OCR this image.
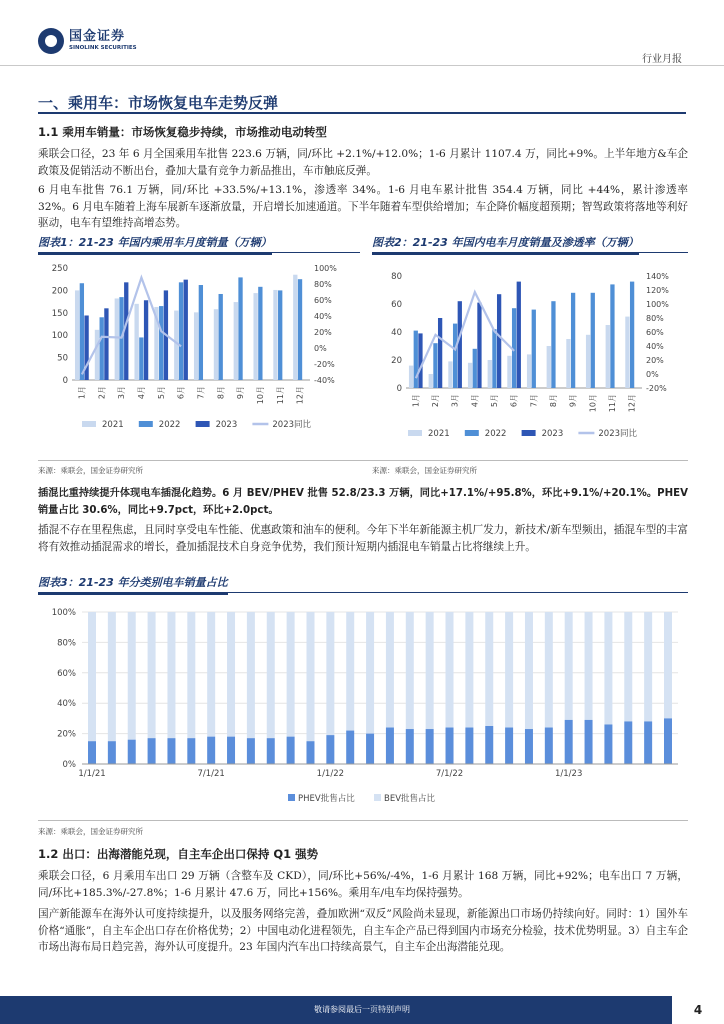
国金证券
SINOLINK SECURITIES
行业月报
一、乘用车：市场恢复电车走势反弹
1.1 乘用车销量：市场恢复稳步持续，市场推动电动转型
乘联会口径，23 年 6 月全国乘用车批售 223.6 万辆，同/环比 +2.1%/+12.0%；1-6 月累计 1107.4 万，同比+9%。上半年地方&车企政策及促销活动不断出台，叠加大量有竞争力新品推出，车市触底反弹。
6 月电车批售 76.1 万辆，同/环比 +33.5%/+13.1%，渗透率 34%。1-6 月电车累计批售 354.4 万辆，同比 +44%，累计渗透率 32%。6 月电车随着上海车展新车逐渐放量，开启增长加速通道。下半年随着车型供给增加；车企降价幅度超预期；智驾政策将落地等利好驱动，电车有望维持高增态势。
图表1：21-23 年国内乘用车月度销量（万辆）	图表2：21-23 年国内电车月度销量及渗透率（万辆）
0
50
100
150
200
250	100%
80%
60%
40%
20%
0%
-20%
-40%
1月 2月 3月 4月 5月 6月 7月 8月 9月 10月 11月 12月
2021	2022	2023	2023同比
0
20
40
60
80	140%
120%
100%
80%
60%
40%
20%
0%
-20%
1月 2月 3月 4月 5月 6月 7月 8月 9月 10月 11月 12月
2021	2022	2023	2023同比
来源：乘联会，国金证券研究所	来源：乘联会，国金证券研究所
插混比重持续提升体现电车插混化趋势。6 月 BEV/PHEV 批售 52.8/23.3 万辆，同比+17.1%/+95.8%，环比+9.1%/+20.1%。PHEV 销量占比 30.6%，同比+9.7pct，环比+2.0pct。
插混不存在里程焦虑，且同时享受电车性能、优惠政策和油车的便利。今年下半年新能源主机厂发力，新技术/新车型频出，插混车型的丰富将有效推动插混需求的增长，叠加插混技术自身竞争优势，我们预计短期内插混电车销量占比将继续上升。
图表3：21-23 年分类别电车销量占比
0%
20%
40%
60%
80%
100%
1/1/21	7/1/21	1/1/22	7/1/22	1/1/23
PHEV批售占比	BEV批售占比
来源：乘联会，国金证券研究所
1.2 出口：出海潜能兑现，自主车企出口保持 Q1 强势
乘联会口径，6 月乘用车出口 29 万辆（含整车及 CKD），同/环比+56%/-4%，1-6 月累计 168 万辆，同比+92%；电车出口 7 万辆，同/环比+185.3%/-27.8%；1-6 月累计 47.6 万，同比+156%。乘用车/电车均保持强势。
国产新能源车在海外认可度持续提升，以及服务网络完善，叠加欧洲“双反”风险尚未显现，新能源出口市场仍持续向好。同时：1）国外车价格“通胀”，自主车企出口存在价格优势；2）中国电动化进程领先，自主车企产品已得到国内市场充分检验，技术优势明显。3）自主车企市场出海布局日趋完善，海外认可度提升。23 年国内汽车出口持续高景气，自主车企出海潜能兑现。
敬请参阅最后一页特别声明	4
